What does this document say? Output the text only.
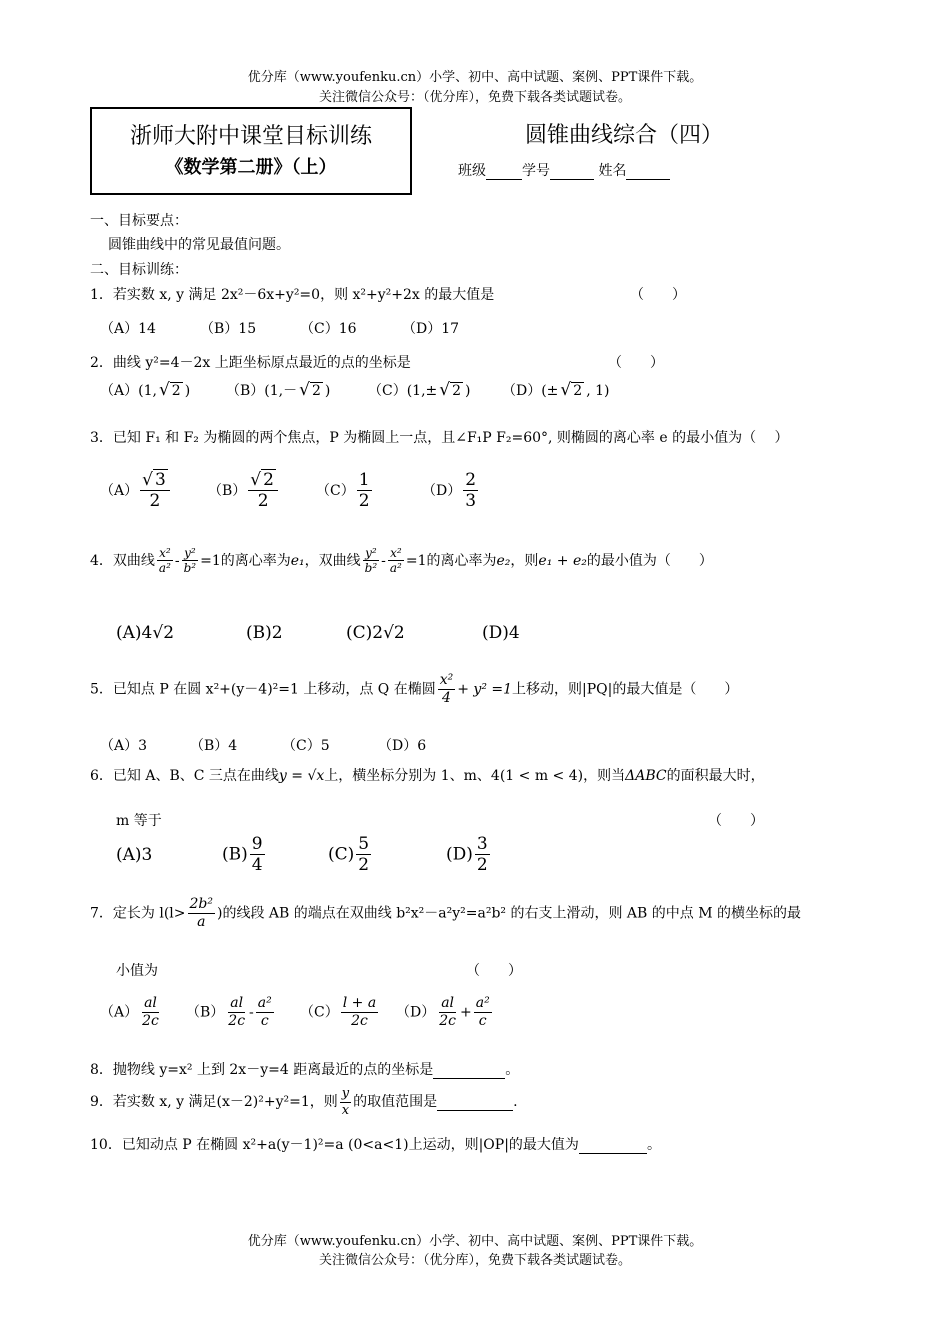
优分库（www.youfenku.cn）小学、初中、高中试题、案例、PPT课件下载。
关注微信公众号：（优分库），免费下载各类试题试卷。
浙师大附中课堂目标训练
《数学第二册》（上）
圆锥曲线综合（四）
班级	学号	姓名
一、目标要点：
圆锥曲线中的常见最值问题。
二、目标训练：
1．若实数 x, y 满足 2x²－6x+y²=0，则 x²+y²+2x 的最大值是	（　　）
（A）14	（B）15	（C）16	（D）17
2．曲线 y²=4－2x 上距坐标原点最近的点的坐标是	（　　）
（A）(1, √ 2 )	（B）(1,－ √ 2 )	（C）(1,± √ 2 ) （D）(± √ 2 , 1)
3．已知 F₁ 和 F₂ 为椭圆的两个焦点，P 为椭圆上一点，且∠F₁P F₂=60°, 则椭圆的离心率 e 的最小值为（　 ）
$(A) \frac{√ 3}{2}$	$(B) \frac{√ 2}{2}$	$(C) \frac{1}{2}$	$(D) \frac{2}{3}$
4．双曲线 $\frac{\text{x²}}{\text{a²}} - \frac{\text{y²}}{\text{b²}} =1$的离心率为e₁，双曲线 $\frac{\text{y²}}{\text{b²}} - \frac{\text{x²}}{\text{a²}} =1$的离心率为e₂，则e₁ + e₂的最小值为（　　）
(A)4√2	(B)2	(C)2√2	(D)4
5．已知点 P 在圆 x²+(y－4)²=1 上移动，点 Q 在椭圆 $\frac{\text{x²}}{4} + y^2 =1$上移动，则|PQ|的最大值是（　　）
（A）3	（B）4	（C）5	（D）6
6．已知 A、B、C 三点在曲线y = √x上，横坐标分别为 1、m、4(1 < m < 4)，则当ΔABC的面积最大时，
m 等于	（　　）
(A)3	$(B) \frac{9}{4}$	$(C) \frac{5}{2}$	$(D) \frac{3}{2}$
7．定长为 $l(l> \frac{\text{2b²}}{a}$ )的线段 AB 的端点在双曲线 b²x²－a²y²=a²b² 的右支上滑动，则 AB 的中点 M 的横坐标的最
小值为	（　　）
$(A) \frac{al}{2c} (B) \frac{al}{2c} - \frac{\text{a²}}{c} (C) \frac{l + a}{2c} (D) \frac{al}{2c} + \frac{\text{a²}}{c}$
8．抛物线 y=x² 上到 2x－y=4 距离最近的点的坐标是	。
9．若实数 x, y 满足(x－2)²+y²=1，则 $\frac{y}{x}$ 的取值范围是	.
10．已知动点 P 在椭圆 x²+a(y－1)²=a (0<a<1)上运动，则|OP|的最大值为	。
优分库（www.youfenku.cn）小学、初中、高中试题、案例、PPT课件下载。
关注微信公众号：（优分库），免费下载各类试题试卷。
